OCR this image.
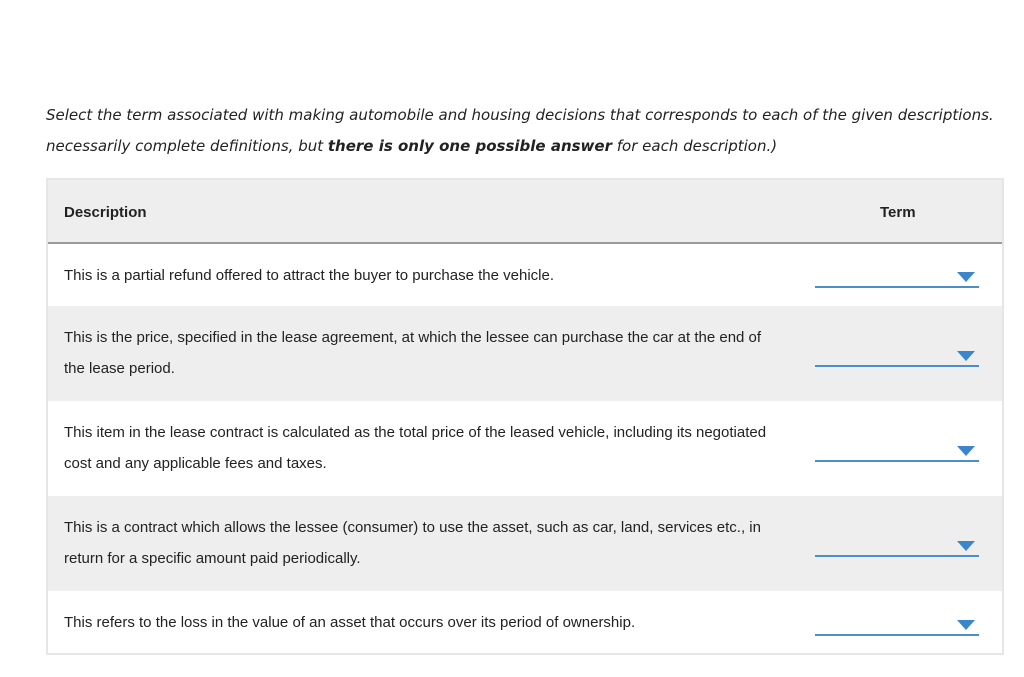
Select the term associated with making automobile and housing decisions that corresponds to each of the given descriptions.
necessarily complete definitions, but there is only one possible answer for each description.)
Description	Term
This is a partial refund offered to attract the buyer to purchase the vehicle.
This is the price, specified in the lease agreement, at which the lessee can purchase the car at the end of the lease period.
This item in the lease contract is calculated as the total price of the leased vehicle, including its negotiated cost and any applicable fees and taxes.
This is a contract which allows the lessee (consumer) to use the asset, such as car, land, services etc., in return for a specific amount paid periodically.
This refers to the loss in the value of an asset that occurs over its period of ownership.
